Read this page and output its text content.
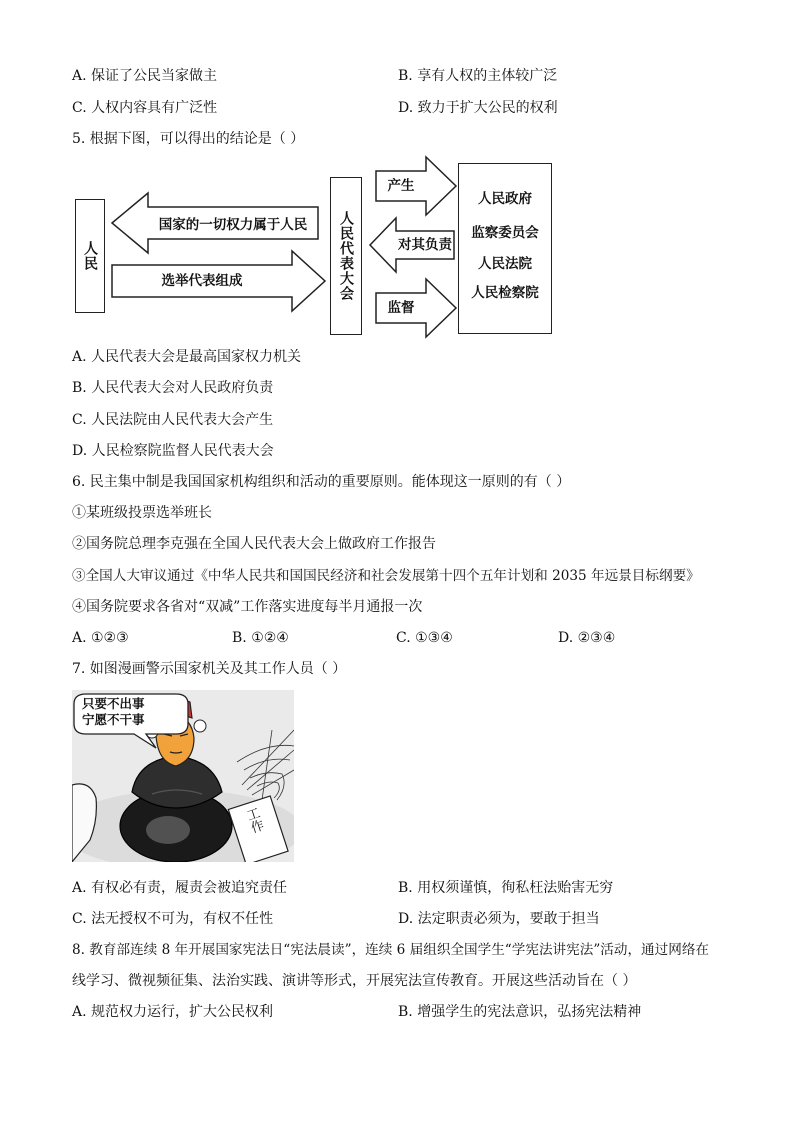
A. 保证了公民当家做主	B. 享有人权的主体较广泛
C. 人权内容具有广泛性	D. 致力于扩大公民的权利
5. 根据下图，可以得出的结论是（ ）
人民
国家的一切权力属于人民
选举代表组成	人民代表大会
产生
对其负责
监督
人民政府
监察委员会
人民法院
人民检察院
A. 人民代表大会是最高国家权力机关
B. 人民代表大会对人民政府负责
C. 人民法院由人民代表大会产生
D. 人民检察院监督人民代表大会
6. 民主集中制是我国国家机构组织和活动的重要原则。能体现这一原则的有（ ）
①某班级投票选举班长
②国务院总理李克强在全国人民代表大会上做政府工作报告
③全国人大审议通过《中华人民共和国国民经济和社会发展第十四个五年计划和 2035 年远景目标纲要》
④国务院要求各省对“双减”工作落实进度每半月通报一次
A. ①②③	B. ①②④	C. ①③④	D. ②③④
7. 如图漫画警示国家机关及其工作人员（ ）
只要不出事
宁愿不干事
工作
A. 有权必有责，履责会被追究责任	B. 用权须谨慎，徇私枉法贻害无穷
C. 法无授权不可为，有权不任性	D. 法定职责必须为，要敢于担当
8. 教育部连续 8 年开展国家宪法日“宪法晨读”，连续 6 届组织全国学生“学宪法讲宪法”活动，通过网络在
线学习、微视频征集、法治实践、演讲等形式，开展宪法宣传教育。开展这些活动旨在（ ）
A. 规范权力运行，扩大公民权利	B. 增强学生的宪法意识，弘扬宪法精神
